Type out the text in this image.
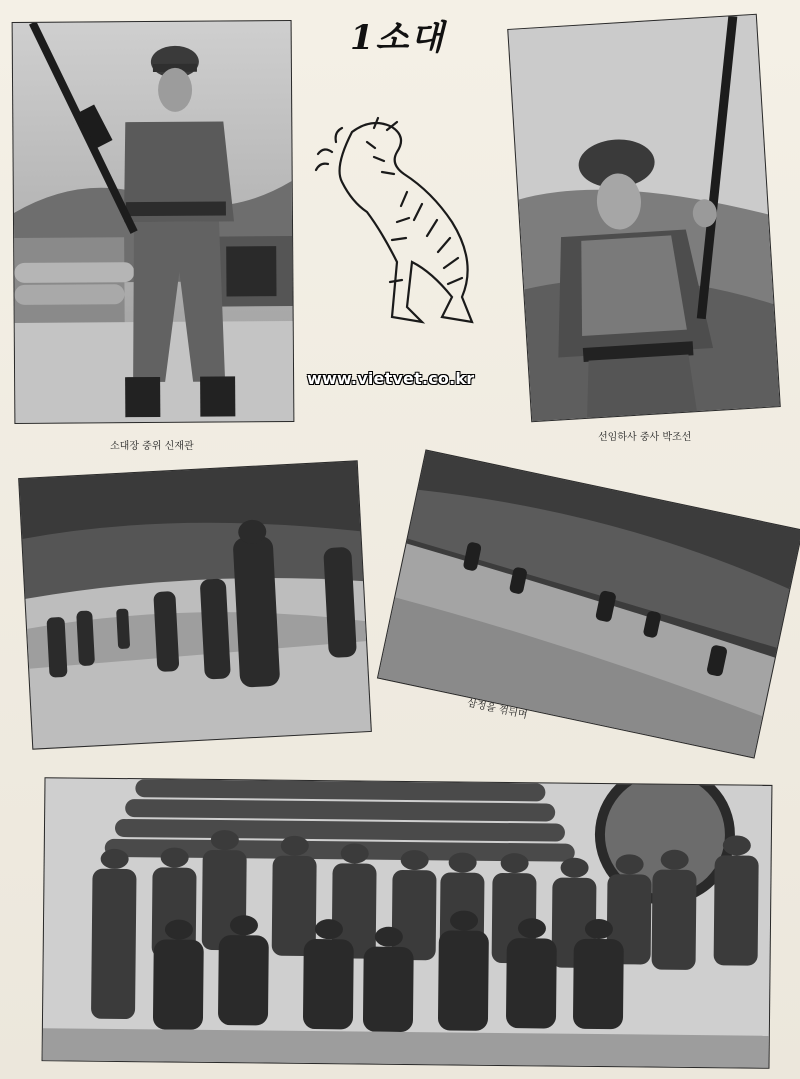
1소대
소대장 중위 신재관
선임하사 중사 박조선
www.vietvet.co.kr
삼정을 꺾뒤며
